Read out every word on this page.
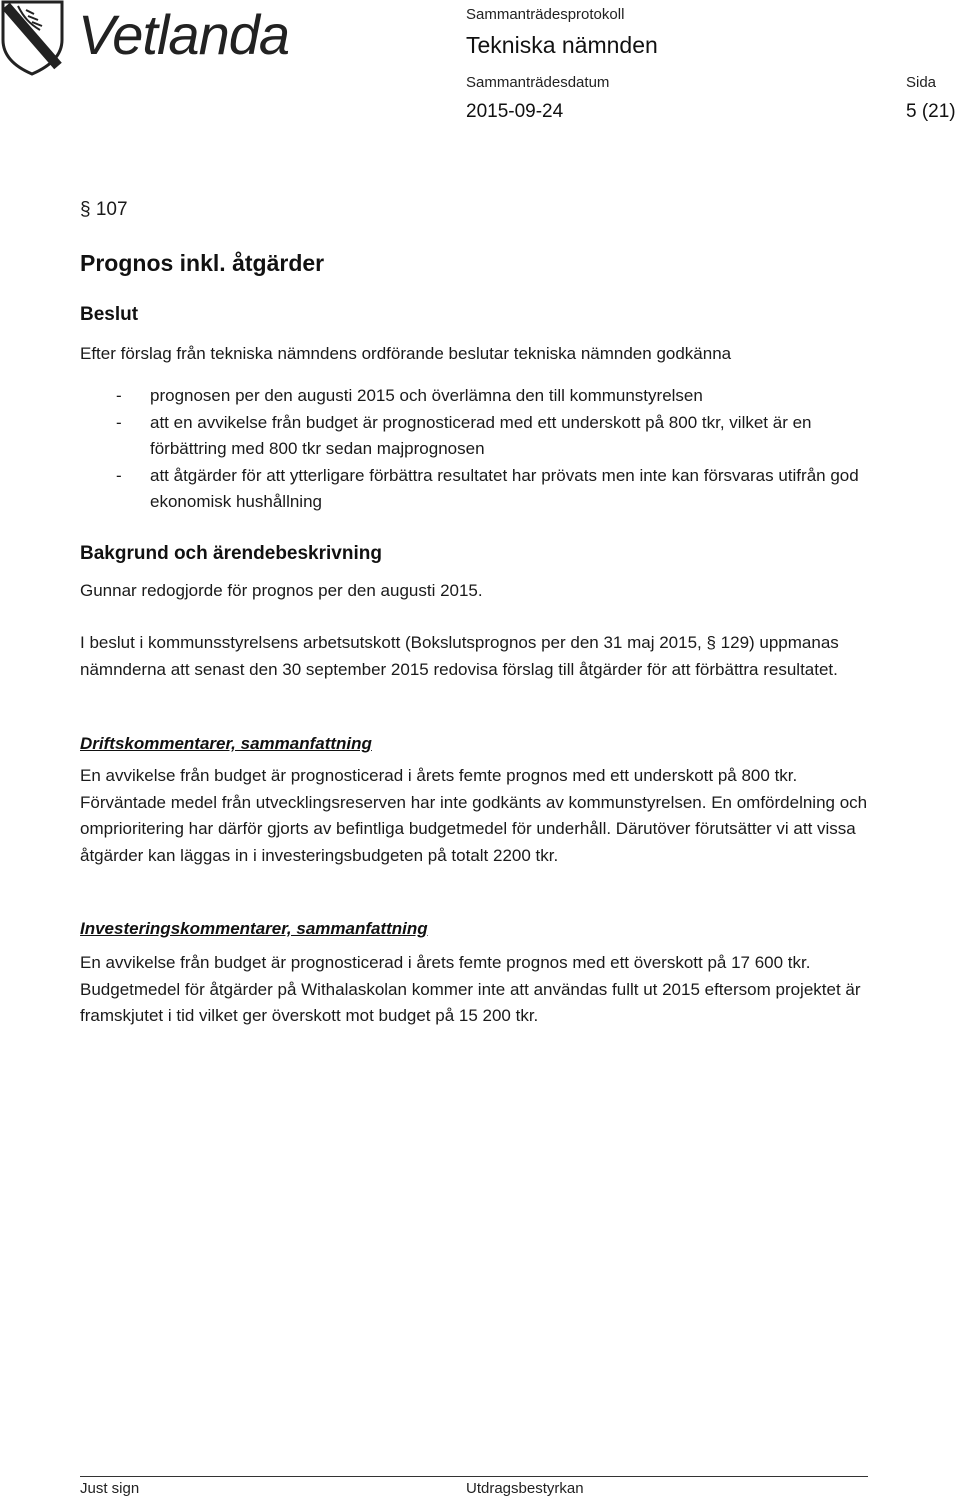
Vetlanda	Sammanträdesprotokoll
Tekniska nämnden
Sammanträdesdatum
2015-09-24
Sida
5 (21)
§ 107
Prognos inkl. åtgärder
Beslut
Efter förslag från tekniska nämndens ordförande beslutar tekniska nämnden godkänna
- prognosen per den augusti 2015 och överlämna den till kommunstyrelsen
- att en avvikelse från budget är prognosticerad med ett underskott på 800 tkr, vilket är en förbättring med 800 tkr sedan majprognosen
- att åtgärder för att ytterligare förbättra resultatet har prövats men inte kan försvaras utifrån god ekonomisk hushållning
Bakgrund och ärendebeskrivning
Gunnar redogjorde för prognos per den augusti 2015.
I beslut i kommunsstyrelsens arbetsutskott (Bokslutsprognos per den 31 maj 2015, § 129) uppmanas nämnderna att senast den 30 september 2015 redovisa förslag till åtgärder för att förbättra resultatet.
Driftskommentarer, sammanfattning
En avvikelse från budget är prognosticerad i årets femte prognos med ett underskott på 800 tkr. Förväntade medel från utvecklingsreserven har inte godkänts av kommunstyrelsen. En omfördelning och omprioritering har därför gjorts av befintliga budgetmedel för underhåll. Därutöver förutsätter vi att vissa åtgärder kan läggas in i investeringsbudgeten på totalt 2200 tkr.
Investeringskommentarer, sammanfattning
En avvikelse från budget är prognosticerad i årets femte prognos med ett överskott på 17 600 tkr. Budgetmedel för åtgärder på Withalaskolan kommer inte att användas fullt ut 2015 eftersom projektet är framskjutet i tid vilket ger överskott mot budget på 15 200 tkr.
Just sign	Utdragsbestyrkan
